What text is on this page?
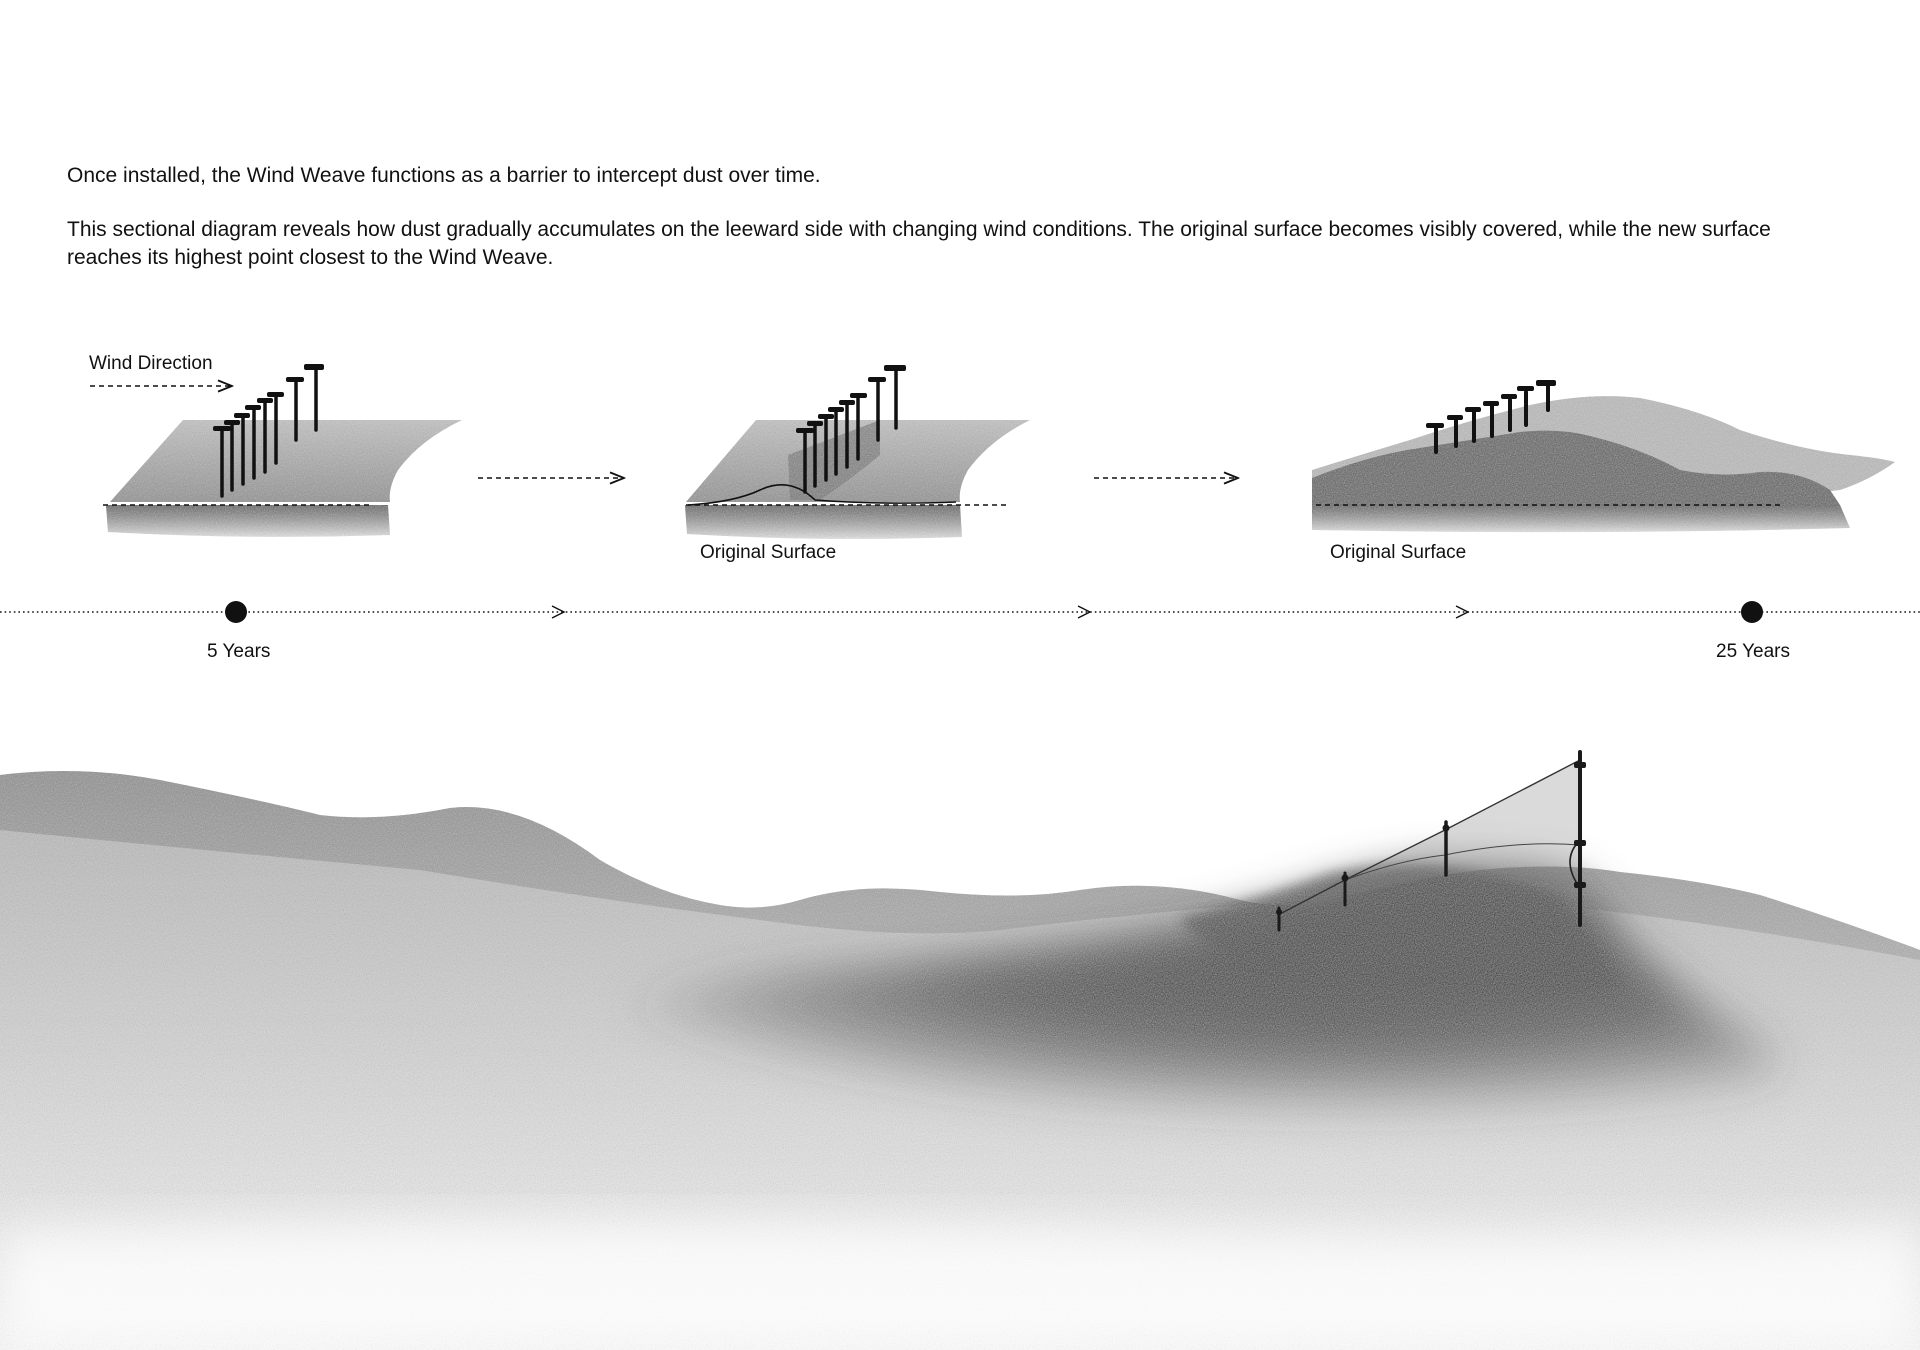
Once installed, the Wind Weave functions as a barrier to intercept dust over time.

This sectional diagram reveals how dust gradually accumulates on the leeward side with changing wind conditions. The original surface becomes visibly covered, while the new surface reaches its highest point closest to the Wind Weave.

Wind Direction
Original Surface	Original Surface
5 Years	25 Years
